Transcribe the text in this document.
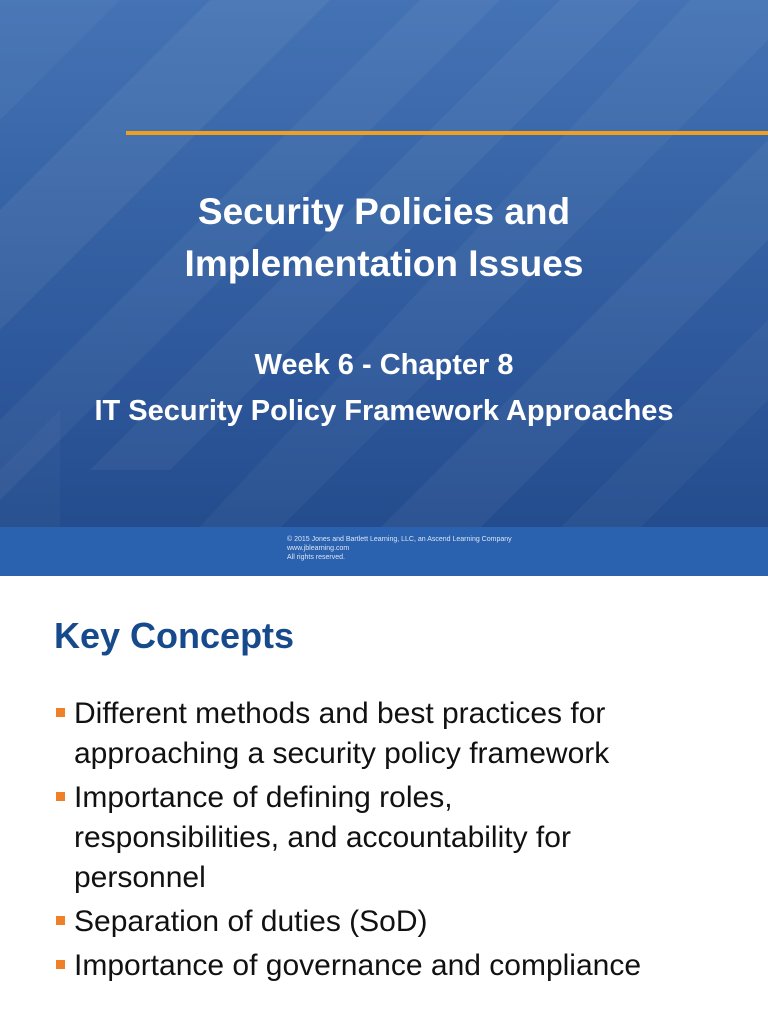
Security Policies and
Implementation Issues
Week 6 - Chapter 8
IT Security Policy Framework Approaches
© 2015 Jones and Bartlett Learning, LLC, an Ascend Learning Company
www.jblearning.com
All rights reserved.
Key Concepts
Different methods and best practices for
approaching a security policy framework
Importance of defining roles,
responsibilities, and accountability for
personnel
Separation of duties (SoD)
Importance of governance and compliance
